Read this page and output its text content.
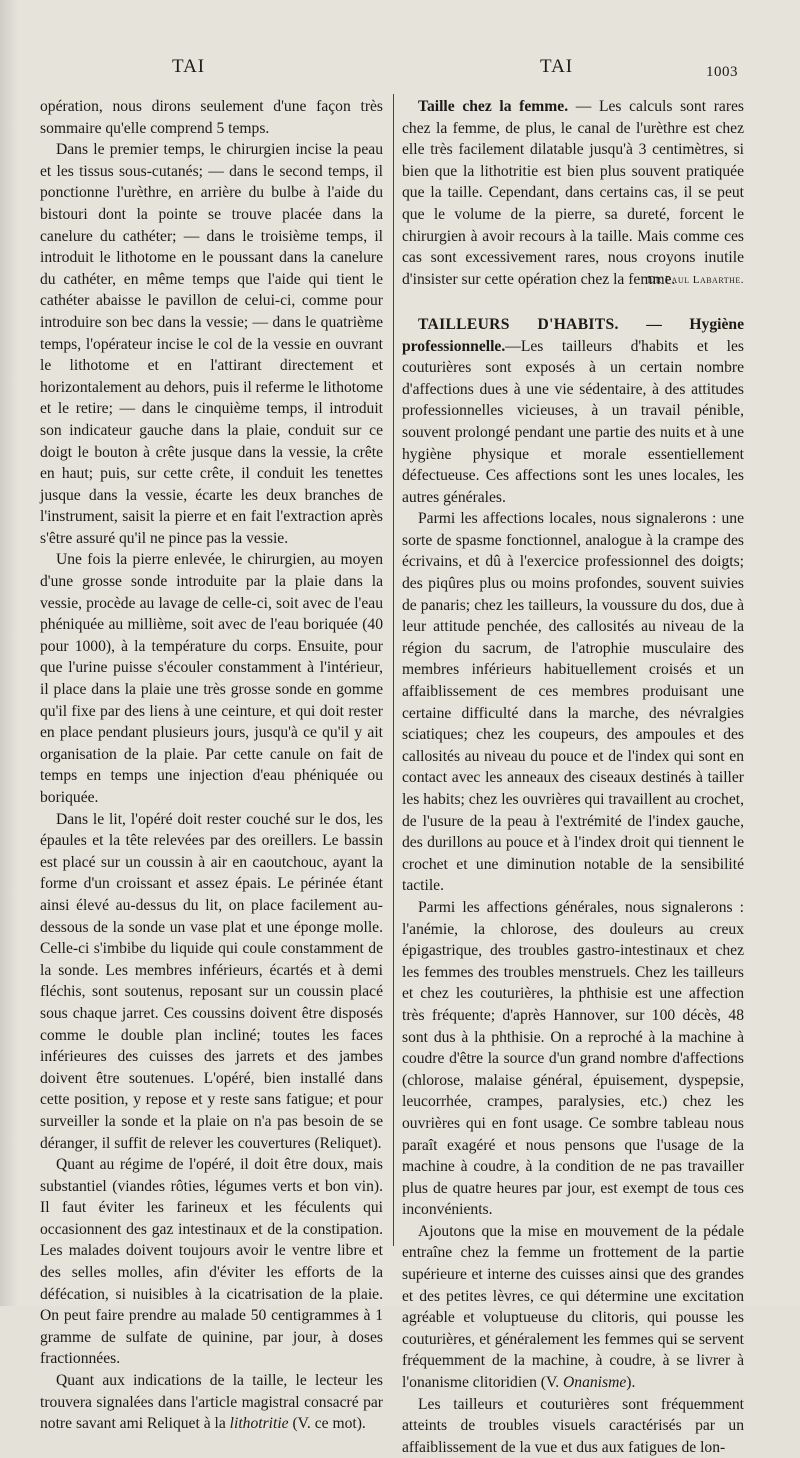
TAI	TAI	1003

opération, nous dirons seulement d'une façon très sommaire qu'elle comprend 5 temps.

Dans le premier temps, le chirurgien incise la peau et les tissus sous-cutanés; — dans le second temps, il ponctionne l'urèthre, en arrière du bulbe à l'aide du bistouri dont la pointe se trouve placée dans la canelure du cathéter; — dans le troisième temps, il introduit le lithotome en le poussant dans la canelure du cathéter, en même temps que l'aide qui tient le cathéter abaisse le pavillon de celui-ci, comme pour introduire son bec dans la vessie; — dans le quatrième temps, l'opérateur incise le col de la vessie en ouvrant le lithotome et en l'attirant directement et horizontalement au dehors, puis il referme le lithotome et le retire; — dans le cinquième temps, il introduit son indicateur gauche dans la plaie, conduit sur ce doigt le bouton à crête jusque dans la vessie, la crête en haut; puis, sur cette crête, il conduit les tenettes jusque dans la vessie, écarte les deux branches de l'instrument, saisit la pierre et en fait l'extraction après s'être assuré qu'il ne pince pas la vessie.

Une fois la pierre enlevée, le chirurgien, au moyen d'une grosse sonde introduite par la plaie dans la vessie, procède au lavage de celle-ci, soit avec de l'eau phéniquée au millième, soit avec de l'eau boriquée (40 pour 1000), à la température du corps. Ensuite, pour que l'urine puisse s'écouler constamment à l'intérieur, il place dans la plaie une très grosse sonde en gomme qu'il fixe par des liens à une ceinture, et qui doit rester en place pendant plusieurs jours, jusqu'à ce qu'il y ait organisation de la plaie. Par cette canule on fait de temps en temps une injection d'eau phéniquée ou boriquée.

Dans le lit, l'opéré doit rester couché sur le dos, les épaules et la tête relevées par des oreillers. Le bassin est placé sur un coussin à air en caoutchouc, ayant la forme d'un croissant et assez épais. Le périnée étant ainsi élevé au-dessus du lit, on place facilement au-dessous de la sonde un vase plat et une éponge molle. Celle-ci s'imbibe du liquide qui coule constamment de la sonde. Les membres inférieurs, écartés et à demi fléchis, sont soutenus, reposant sur un coussin placé sous chaque jarret. Ces coussins doivent être disposés comme le double plan incliné; toutes les faces inférieures des cuisses des jarrets et des jambes doivent être soutenues. L'opéré, bien installé dans cette position, y repose et y reste sans fatigue; et pour surveiller la sonde et la plaie on n'a pas besoin de se déranger, il suffit de relever les couvertures (Reliquet).

Quant au régime de l'opéré, il doit être doux, mais substantiel (viandes rôties, légumes verts et bon vin). Il faut éviter les farineux et les féculents qui occasionnent des gaz intestinaux et de la constipation. Les malades doivent toujours avoir le ventre libre et des selles molles, afin d'éviter les efforts de la défécation, si nuisibles à la cicatrisation de la plaie. On peut faire prendre au malade 50 centigrammes à 1 gramme de sulfate de quinine, par jour, à doses fractionnées.

Quant aux indications de la taille, le lecteur les trouvera signalées dans l'article magistral consacré par notre savant ami Reliquet à la lithotritie (V. ce mot).

Taille chez la femme. — Les calculs sont rares chez la femme, de plus, le canal de l'urèthre est chez elle très facilement dilatable jusqu'à 3 centimètres, si bien que la lithotritie est bien plus souvent pratiquée que la taille. Cependant, dans certains cas, il se peut que le volume de la pierre, sa dureté, forcent le chirurgien à avoir recours à la taille. Mais comme ces cas sont excessivement rares, nous croyons inutile d'insister sur cette opération chez la femme.

Dr Paul Labarthe.

TAILLEURS D'HABITS. — Hygiène professionnelle.—Les tailleurs d'habits et les couturières sont exposés à un certain nombre d'affections dues à une vie sédentaire, à des attitudes professionnelles vicieuses, à un travail pénible, souvent prolongé pendant une partie des nuits et à une hygiène physique et morale essentiellement défectueuse. Ces affections sont les unes locales, les autres générales.

Parmi les affections locales, nous signalerons : une sorte de spasme fonctionnel, analogue à la crampe des écrivains, et dû à l'exercice professionnel des doigts; des piqûres plus ou moins profondes, souvent suivies de panaris; chez les tailleurs, la voussure du dos, due à leur attitude penchée, des callosités au niveau de la région du sacrum, de l'atrophie musculaire des membres inférieurs habituellement croisés et un affaiblissement de ces membres produisant une certaine difficulté dans la marche, des névralgies sciatiques; chez les coupeurs, des ampoules et des callosités au niveau du pouce et de l'index qui sont en contact avec les anneaux des ciseaux destinés à tailler les habits; chez les ouvrières qui travaillent au crochet, de l'usure de la peau à l'extrémité de l'index gauche, des durillons au pouce et à l'index droit qui tiennent le crochet et une diminution notable de la sensibilité tactile.

Parmi les affections générales, nous signalerons : l'anémie, la chlorose, des douleurs au creux épigastrique, des troubles gastro-intestinaux et chez les femmes des troubles menstruels. Chez les tailleurs et chez les couturières, la phthisie est une affection très fréquente; d'après Hannover, sur 100 décès, 48 sont dus à la phthisie. On a reproché à la machine à coudre d'être la source d'un grand nombre d'affections (chlorose, malaise général, épuisement, dyspepsie, leucorrhée, crampes, paralysies, etc.) chez les ouvrières qui en font usage. Ce sombre tableau nous paraît exagéré et nous pensons que l'usage de la machine à coudre, à la condition de ne pas travailler plus de quatre heures par jour, est exempt de tous ces inconvénients.

Ajoutons que la mise en mouvement de la pédale entraîne chez la femme un frottement de la partie supérieure et interne des cuisses ainsi que des grandes et des petites lèvres, ce qui détermine une excitation agréable et voluptueuse du clitoris, qui pousse les couturières, et généralement les femmes qui se servent fréquemment de la machine, à coudre, à se livrer à l'onanisme clitoridien (V. Onanisme).

Les tailleurs et couturières sont fréquemment atteints de troubles visuels caractérisés par un affaiblissement de la vue et dus aux fatigues de lon-
